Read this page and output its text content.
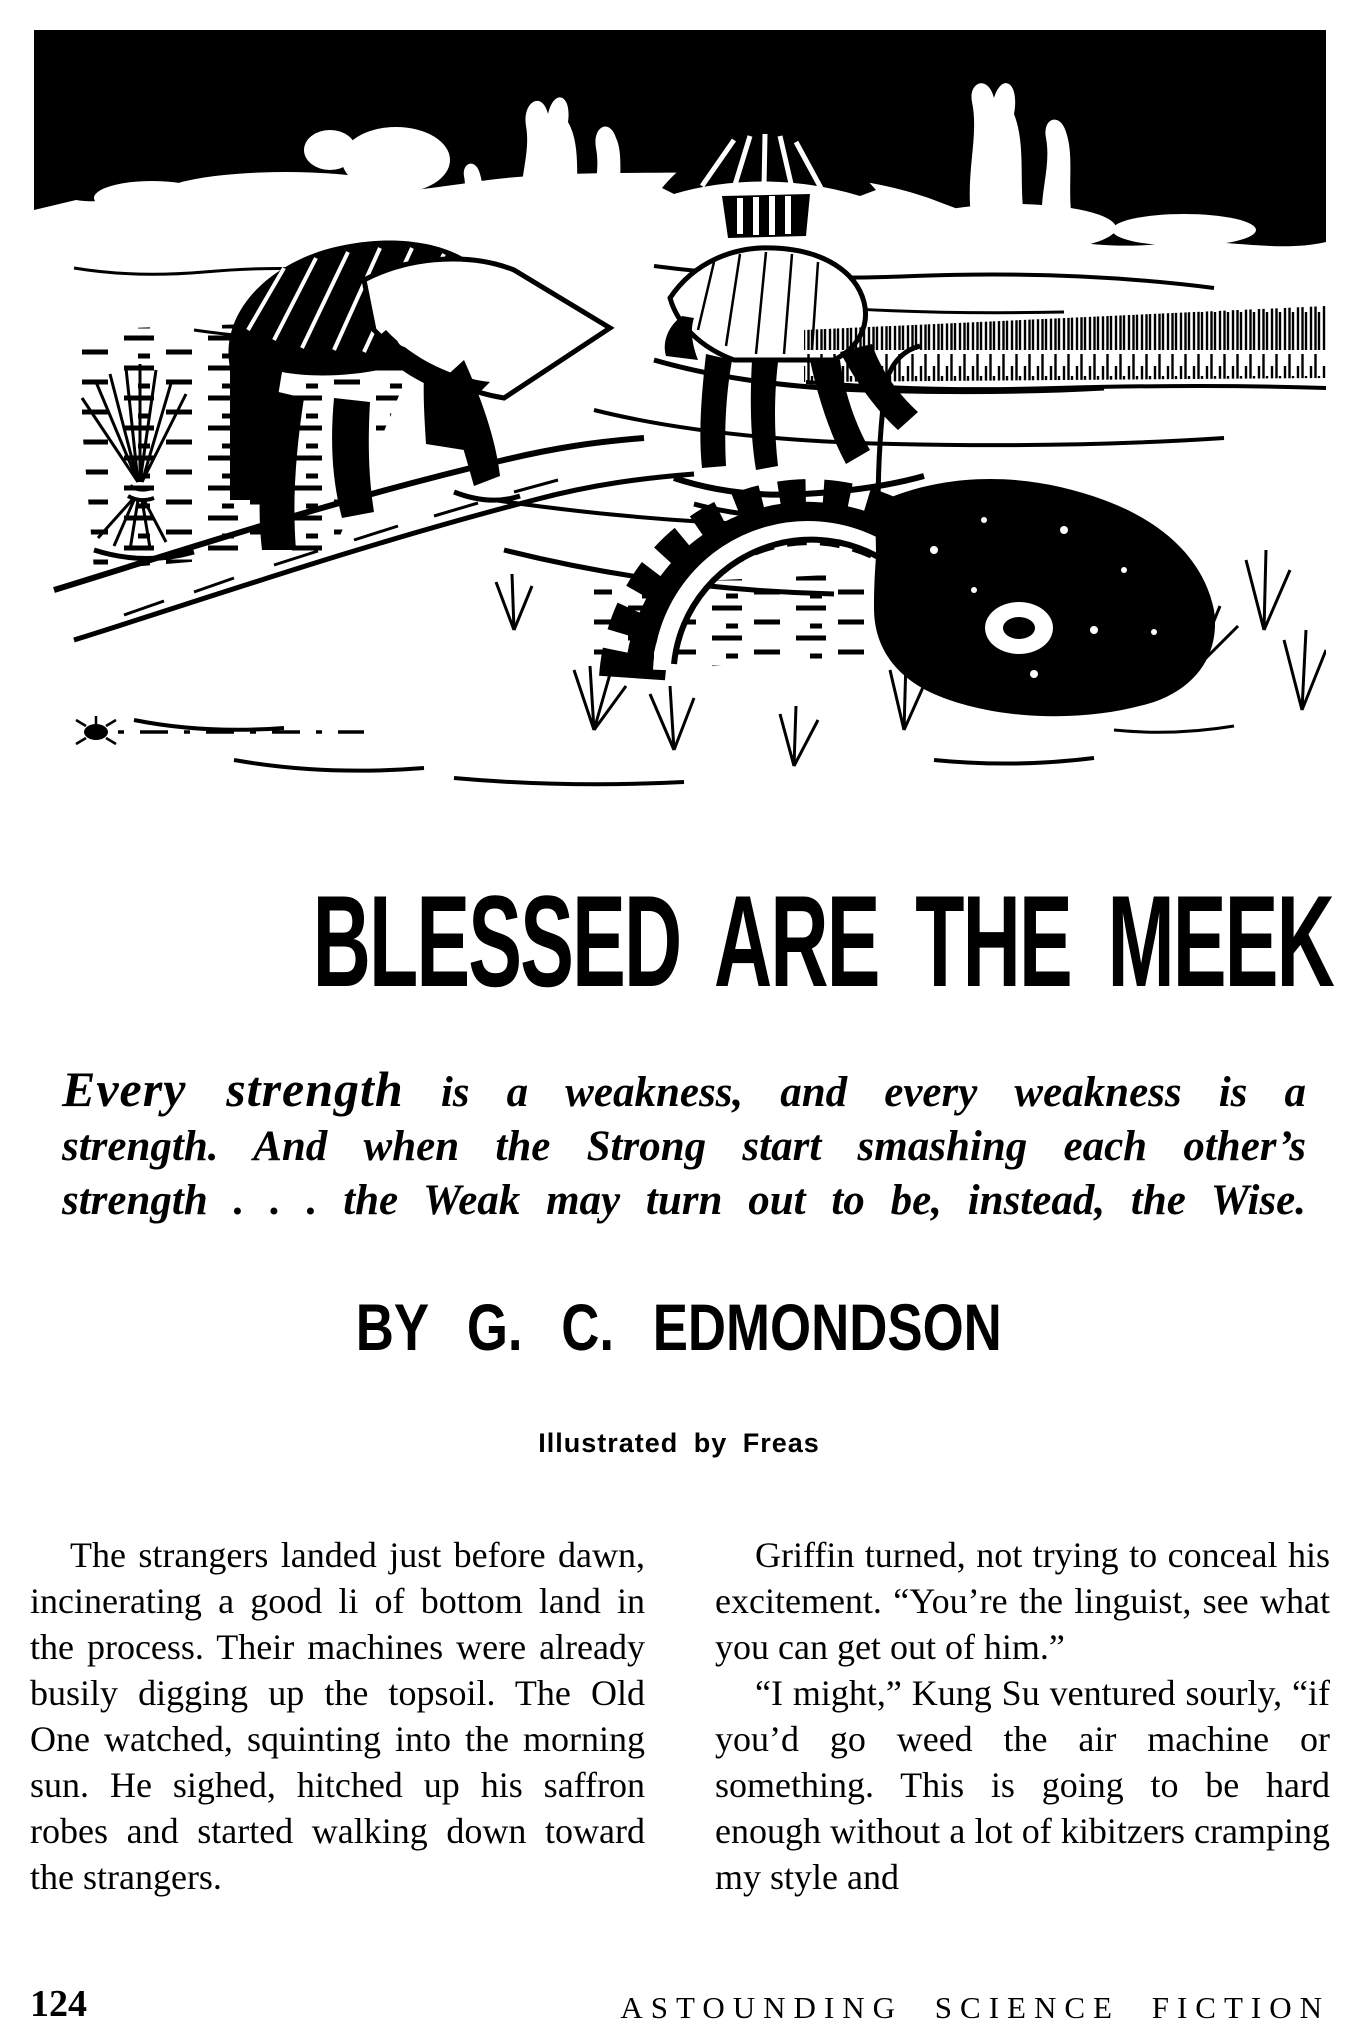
BLESSED ARE THE MEEK
Every strength is a weakness, and every weakness is a
strength. And when the Strong start smashing each other’s
strength . . . the Weak may turn out to be, instead, the Wise.
BY G. C. EDMONDSON
Illustrated by Freas

The strangers landed just before dawn, incinerating a good li of bottom land in the process. Their machines were already busily digging up the topsoil. The Old One watched, squinting into the morning sun. He sighed, hitched up his saffron robes and started walking down toward the strangers.

Griffin turned, not trying to conceal his excitement. “You’re the linguist, see what you can get out of him.”

“I might,” Kung Su ventured sourly, “if you’d go weed the air machine or something. This is going to be hard enough without a lot of kibitzers cramping my style and

124	ASTOUNDING SCIENCE FICTION
